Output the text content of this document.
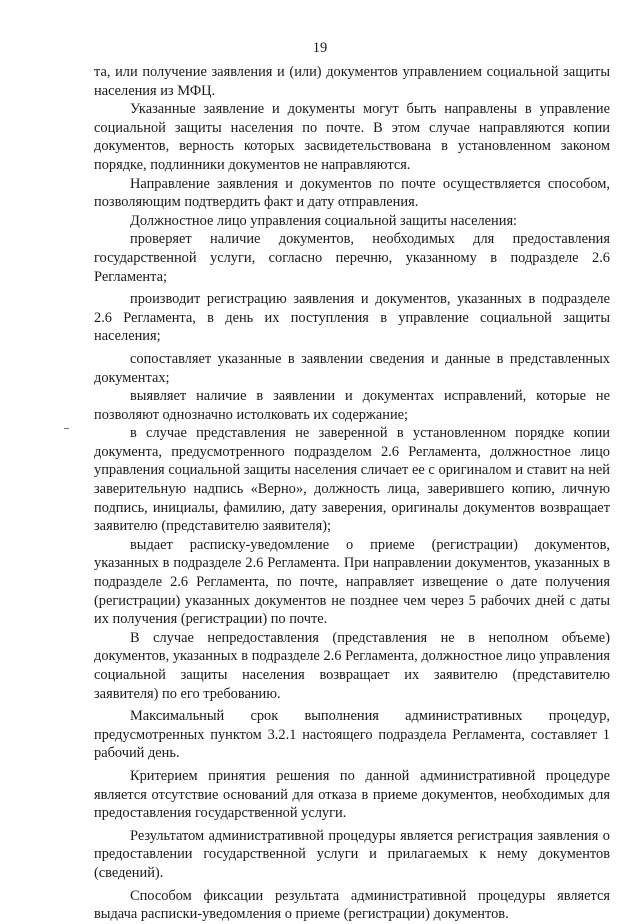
19

та, или получение заявления и (или) документов управлением социальной защиты населения из МФЦ.

Указанные заявление и документы могут быть направлены в управление социальной защиты населения по почте. В этом случае направляются копии документов, верность которых засвидетельствована в установленном законом порядке, подлинники документов не направляются.

Направление заявления и документов по почте осуществляется способом, позволяющим подтвердить факт и дату отправления.

Должностное лицо управления социальной защиты населения:

проверяет наличие документов, необходимых для предоставления государственной услуги, согласно перечню, указанному в подразделе 2.6 Регламента;

производит регистрацию заявления и документов, указанных в подразделе 2.6 Регламента, в день их поступления в управление социальной защиты населения;

сопоставляет указанные в заявлении сведения и данные в представленных документах;

выявляет наличие в заявлении и документах исправлений, которые не позволяют однозначно истолковать их содержание;

в случае представления не заверенной в установленном порядке копии документа, предусмотренного подразделом 2.6 Регламента, должностное лицо управления социальной защиты населения сличает ее с оригиналом и ставит на ней заверительную надпись «Верно», должность лица, заверившего копию, личную подпись, инициалы, фамилию, дату заверения, оригиналы документов возвращает заявителю (представителю заявителя);

выдает расписку-уведомление о приеме (регистрации) документов, указанных в подразделе 2.6 Регламента. При направлении документов, указанных в подразделе 2.6 Регламента, по почте, направляет извещение о дате получения (регистрации) указанных документов не позднее чем через 5 рабочих дней с даты их получения (регистрации) по почте.

В случае непредоставления (представления не в неполном объеме) документов, указанных в подразделе 2.6 Регламента, должностное лицо управления социальной защиты населения возвращает их заявителю (представителю заявителя) по его требованию.

Максимальный срок выполнения административных процедур, предусмотренных пунктом 3.2.1 настоящего подраздела Регламента, составляет 1 рабочий день.

Критерием принятия решения по данной административной процедуре является отсутствие оснований для отказа в приеме документов, необходимых для предоставления государственной услуги.

Результатом административной процедуры является регистрация заявления о предоставлении государственной услуги и прилагаемых к нему документов (сведений).

Способом фиксации результата административной процедуры является выдача расписки-уведомления о приеме (регистрации) документов.
